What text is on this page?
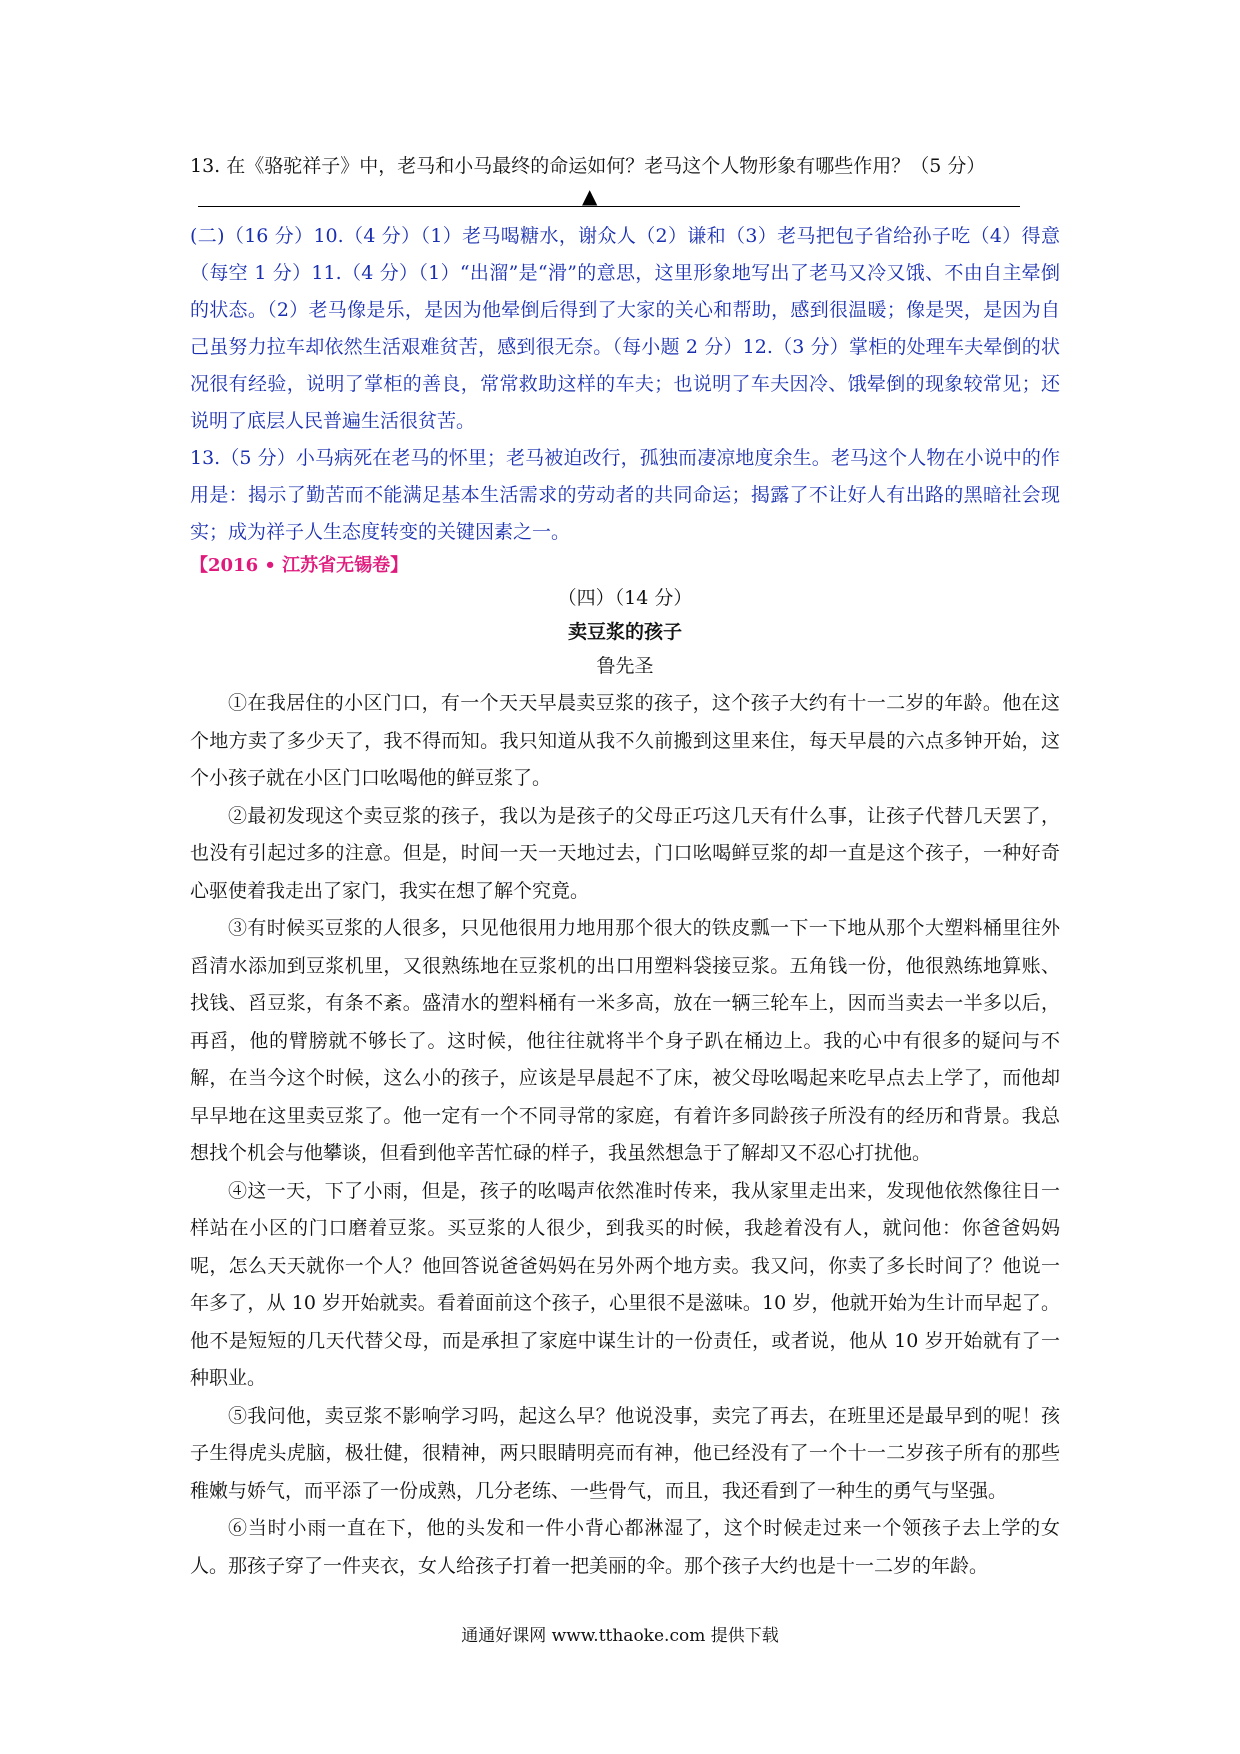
13. 在《骆驼祥子》中，老马和小马最终的命运如何？老马这个人物形象有哪些作用？（5 分）
▲

(二)（16 分）10.（4 分）（1）老马喝糖水，谢众人（2）谦和（3）老马把包子省给孙子吃（4）得意（每空 1 分）11.（4 分）（1）“出溜”是“滑”的意思，这里形象地写出了老马又冷又饿、不由自主晕倒的状态。（2）老马像是乐，是因为他晕倒后得到了大家的关心和帮助，感到很温暖；像是哭，是因为自己虽努力拉车却依然生活艰难贫苦，感到很无奈。（每小题 2 分）12.（3 分）掌柜的处理车夫晕倒的状况很有经验，说明了掌柜的善良，常常救助这样的车夫；也说明了车夫因冷、饿晕倒的现象较常见；还说明了底层人民普遍生活很贫苦。

13.（5 分）小马病死在老马的怀里；老马被迫改行，孤独而凄凉地度余生。老马这个人物在小说中的作用是：揭示了勤苦而不能满足基本生活需求的劳动者的共同命运；揭露了不让好人有出路的黑暗社会现实；成为祥子人生态度转变的关键因素之一。

【2016 • 江苏省无锡卷】
（四）（14 分）
卖豆浆的孩子
鲁先圣

①在我居住的小区门口，有一个天天早晨卖豆浆的孩子，这个孩子大约有十一二岁的年龄。他在这个地方卖了多少天了，我不得而知。我只知道从我不久前搬到这里来住，每天早晨的六点多钟开始，这个小孩子就在小区门口吆喝他的鲜豆浆了。

②最初发现这个卖豆浆的孩子，我以为是孩子的父母正巧这几天有什么事，让孩子代替几天罢了，也没有引起过多的注意。但是，时间一天一天地过去，门口吆喝鲜豆浆的却一直是这个孩子，一种好奇心驱使着我走出了家门，我实在想了解个究竟。

③有时候买豆浆的人很多，只见他很用力地用那个很大的铁皮瓢一下一下地从那个大塑料桶里往外舀清水添加到豆浆机里，又很熟练地在豆浆机的出口用塑料袋接豆浆。五角钱一份，他很熟练地算账、找钱、舀豆浆，有条不紊。盛清水的塑料桶有一米多高，放在一辆三轮车上，因而当卖去一半多以后，再舀，他的臂膀就不够长了。这时候，他往往就将半个身子趴在桶边上。我的心中有很多的疑问与不解，在当今这个时候，这么小的孩子，应该是早晨起不了床，被父母吆喝起来吃早点去上学了，而他却早早地在这里卖豆浆了。他一定有一个不同寻常的家庭，有着许多同龄孩子所没有的经历和背景。我总想找个机会与他攀谈，但看到他辛苦忙碌的样子，我虽然想急于了解却又不忍心打扰他。

④这一天，下了小雨，但是，孩子的吆喝声依然准时传来，我从家里走出来，发现他依然像往日一样站在小区的门口磨着豆浆。买豆浆的人很少，到我买的时候，我趁着没有人，就问他：你爸爸妈妈呢，怎么天天就你一个人？他回答说爸爸妈妈在另外两个地方卖。我又问，你卖了多长时间了？他说一年多了，从 10 岁开始就卖。看着面前这个孩子，心里很不是滋味。10 岁，他就开始为生计而早起了。他不是短短的几天代替父母，而是承担了家庭中谋生计的一份责任，或者说，他从 10 岁开始就有了一种职业。

⑤我问他，卖豆浆不影响学习吗，起这么早？他说没事，卖完了再去，在班里还是最早到的呢！孩子生得虎头虎脑，极壮健，很精神，两只眼睛明亮而有神，他已经没有了一个十一二岁孩子所有的那些稚嫩与娇气，而平添了一份成熟，几分老练、一些骨气，而且，我还看到了一种生的勇气与坚强。

⑥当时小雨一直在下，他的头发和一件小背心都淋湿了，这个时候走过来一个领孩子去上学的女人。那孩子穿了一件夹衣，女人给孩子打着一把美丽的伞。那个孩子大约也是十一二岁的年龄。

通通好课网 www.tthaoke.com 提供下载
